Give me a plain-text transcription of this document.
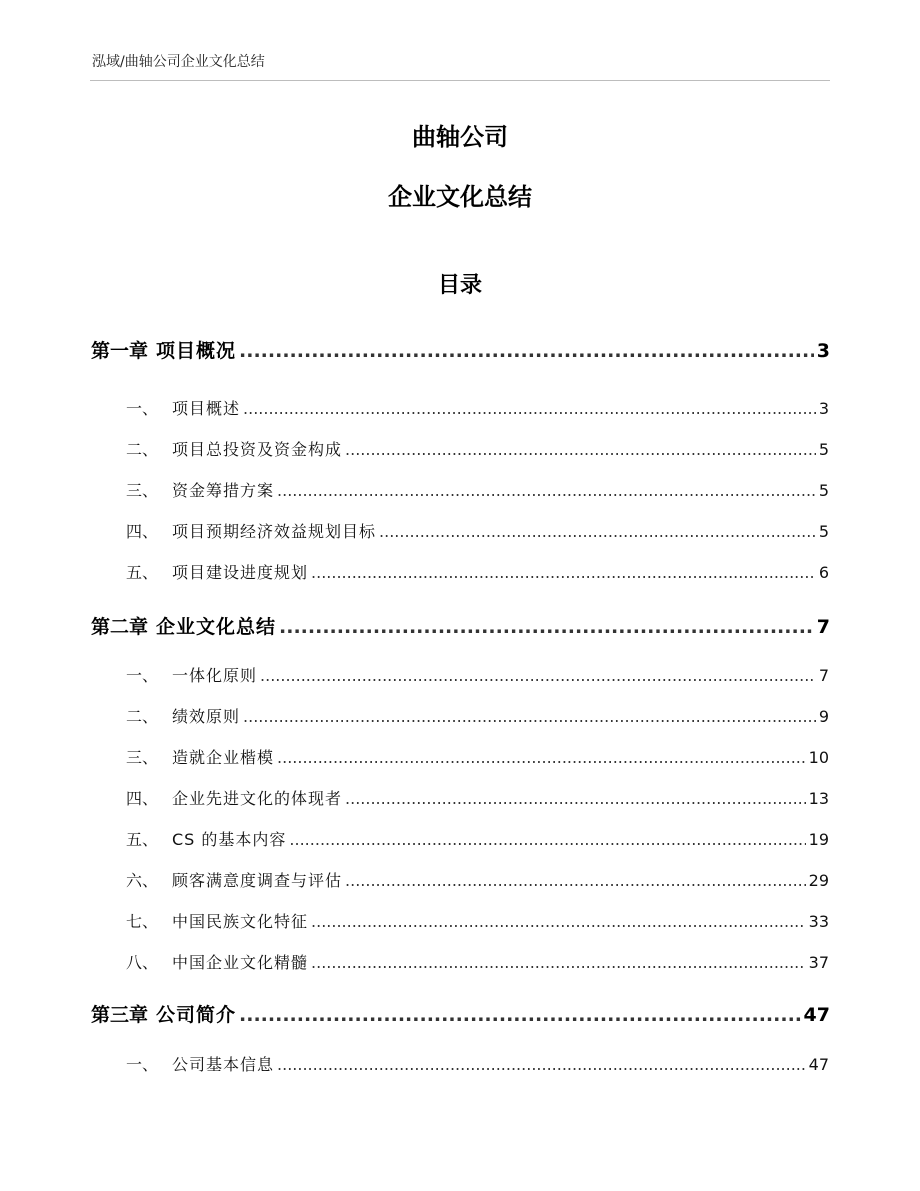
泓域/曲轴公司企业文化总结
曲轴公司
企业文化总结
目录
第一章 项目概况 .....	3
一、 项目概述 .....	3
二、 项目总投资及资金构成 .....	5
三、 资金筹措方案 .....	5
四、 项目预期经济效益规划目标 .....	5
五、 项目建设进度规划 .....	6
第二章 企业文化总结 .....	7
一、 一体化原则 .....	7
二、 绩效原则 .....	9
三、 造就企业楷模 .....	10
四、 企业先进文化的体现者 .....	13
五、 CS 的基本内容 .....	19
六、 顾客满意度调查与评估 .....	29
七、 中国民族文化特征 .....	33
八、 中国企业文化精髓 .....	37
第三章 公司简介 .....	47
一、 公司基本信息 .....	47
